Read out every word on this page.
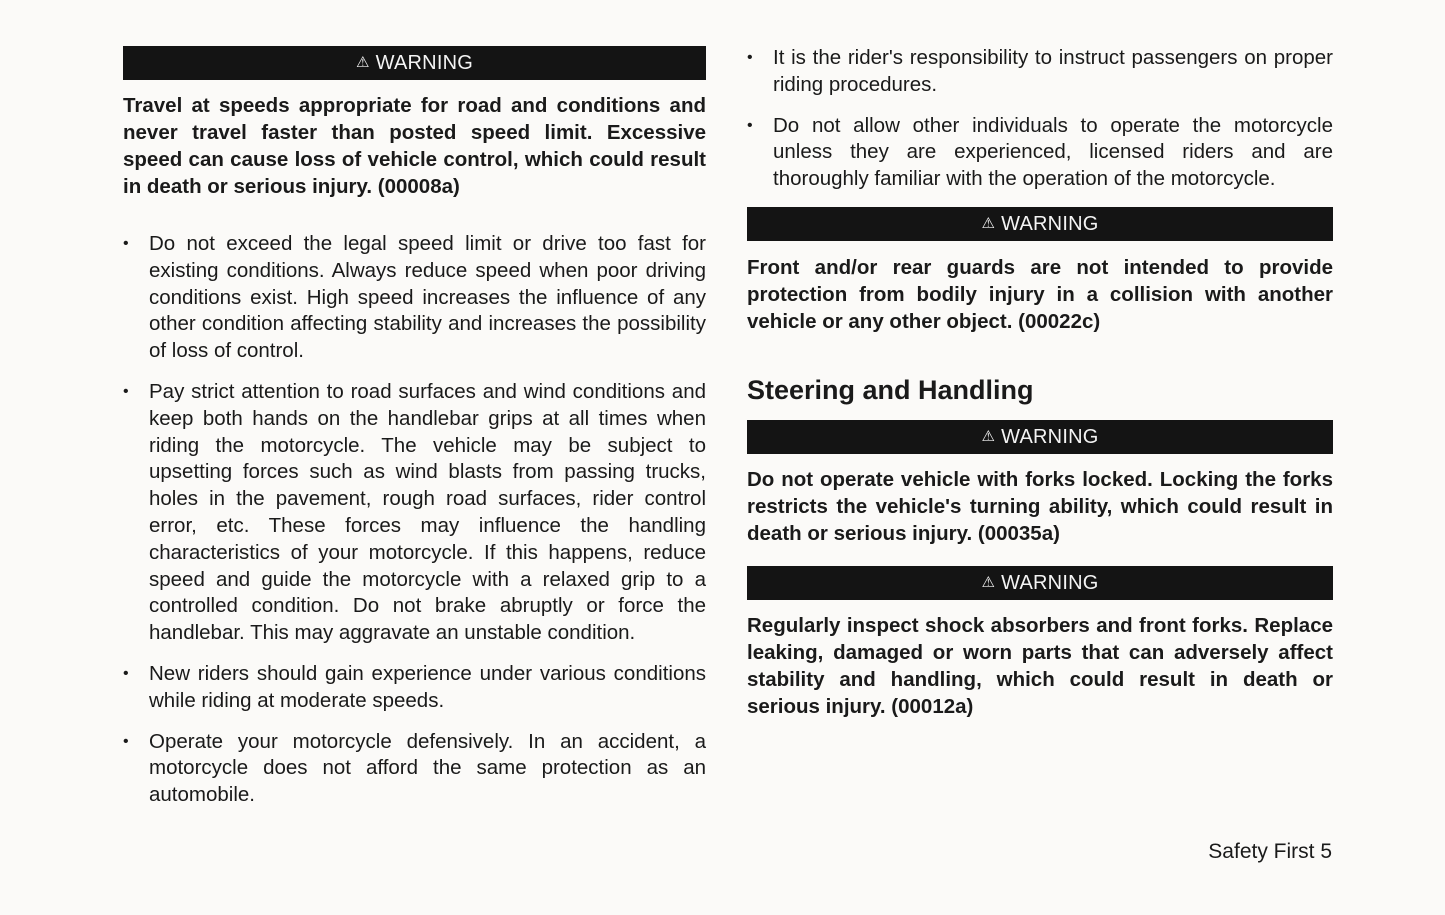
⚠ WARNING

Travel at speeds appropriate for road and conditions and never travel faster than posted speed limit. Excessive speed can cause loss of vehicle control, which could result in death or serious injury. (00008a)

• Do not exceed the legal speed limit or drive too fast for existing conditions. Always reduce speed when poor driving conditions exist. High speed increases the influence of any other condition affecting stability and increases the possibility of loss of control.
• Pay strict attention to road surfaces and wind conditions and keep both hands on the handlebar grips at all times when riding the motorcycle. The vehicle may be subject to upsetting forces such as wind blasts from passing trucks, holes in the pavement, rough road surfaces, rider control error, etc. These forces may influence the handling characteristics of your motorcycle. If this happens, reduce speed and guide the motorcycle with a relaxed grip to a controlled condition. Do not brake abruptly or force the handlebar. This may aggravate an unstable condition.
• New riders should gain experience under various conditions while riding at moderate speeds.
• Operate your motorcycle defensively. In an accident, a motorcycle does not afford the same protection as an automobile.
• It is the rider's responsibility to instruct passengers on proper riding procedures.
• Do not allow other individuals to operate the motorcycle unless they are experienced, licensed riders and are thoroughly familiar with the operation of the motorcycle.
⚠ WARNING

Front and/or rear guards are not intended to provide protection from bodily injury in a collision with another vehicle or any other object. (00022c)

Steering and Handling
⚠ WARNING

Do not operate vehicle with forks locked. Locking the forks restricts the vehicle's turning ability, which could result in death or serious injury. (00035a)

⚠ WARNING

Regularly inspect shock absorbers and front forks. Replace leaking, damaged or worn parts that can adversely affect stability and handling, which could result in death or serious injury. (00012a)

Safety First 5
